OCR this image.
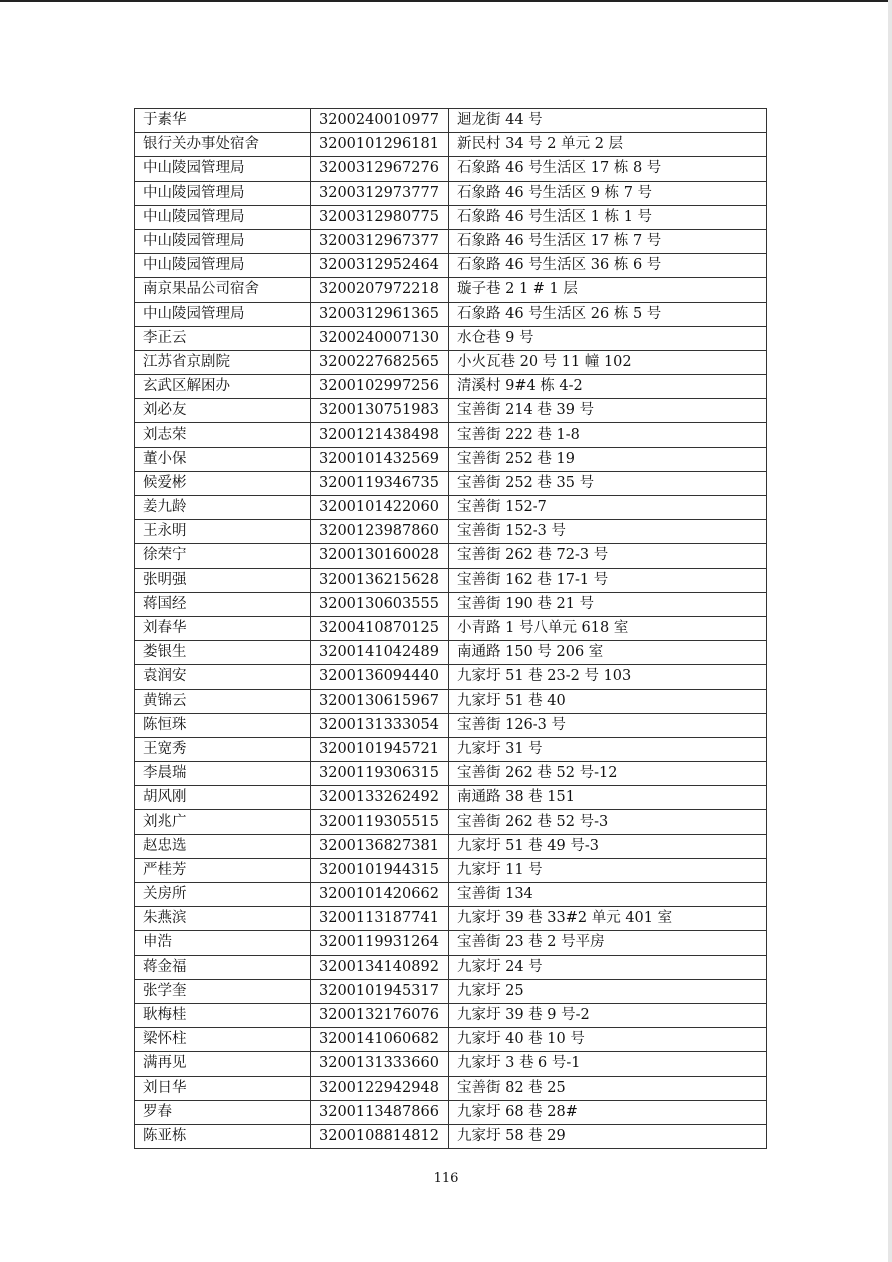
于素华	3200240010977	迴龙街 44 号
银行关办事处宿舍	3200101296181	新民村 34 号 2 单元 2 层
中山陵园管理局	3200312967276	石象路 46 号生活区 17 栋 8 号
中山陵园管理局	3200312973777	石象路 46 号生活区 9 栋 7 号
中山陵园管理局	3200312980775	石象路 46 号生活区 1 栋 1 号
中山陵园管理局	3200312967377	石象路 46 号生活区 17 栋 7 号
中山陵园管理局	3200312952464	石象路 46 号生活区 36 栋 6 号
南京果品公司宿舍	3200207972218	璇子巷 2 1 # 1 层
中山陵园管理局	3200312961365	石象路 46 号生活区 26 栋 5 号
李正云	3200240007130	水仓巷 9 号
江苏省京剧院	3200227682565	小火瓦巷 20 号 11 幢 102
玄武区解困办	3200102997256	清溪村 9#4 栋 4-2
刘必友	3200130751983	宝善街 214 巷 39 号
刘志荣	3200121438498	宝善街 222 巷 1-8
董小保	3200101432569	宝善街 252 巷 19
候爱彬	3200119346735	宝善街 252 巷 35 号
姜九龄	3200101422060	宝善街 152-7
王永明	3200123987860	宝善街 152-3 号
徐荣宁	3200130160028	宝善街 262 巷 72-3 号
张明强	3200136215628	宝善街 162 巷 17-1 号
蒋国经	3200130603555	宝善街 190 巷 21 号
刘春华	3200410870125	小青路 1 号八单元 618 室
娄银生	3200141042489	南通路 150 号 206 室
袁润安	3200136094440	九家圩 51 巷 23-2 号 103
黄锦云	3200130615967	九家圩 51 巷 40
陈恒珠	3200131333054	宝善街 126-3 号
王宽秀	3200101945721	九家圩 31 号
李晨瑞	3200119306315	宝善街 262 巷 52 号-12
胡风刚	3200133262492	南通路 38 巷 151
刘兆广	3200119305515	宝善街 262 巷 52 号-3
赵忠选	3200136827381	九家圩 51 巷 49 号-3
严桂芳	3200101944315	九家圩 11 号
关房所	3200101420662	宝善街 134
朱燕滨	3200113187741	九家圩 39 巷 33#2 单元 401 室
申浩	3200119931264	宝善街 23 巷 2 号平房
蒋金福	3200134140892	九家圩 24 号
张学奎	3200101945317	九家圩 25
耿梅桂	3200132176076	九家圩 39 巷 9 号-2
梁怀柱	3200141060682	九家圩 40 巷 10 号
满再见	3200131333660	九家圩 3 巷 6 号-1
刘日华	3200122942948	宝善街 82 巷 25
罗春	3200113487866	九家圩 68 巷 28#
陈亚栋	3200108814812	九家圩 58 巷 29
116
